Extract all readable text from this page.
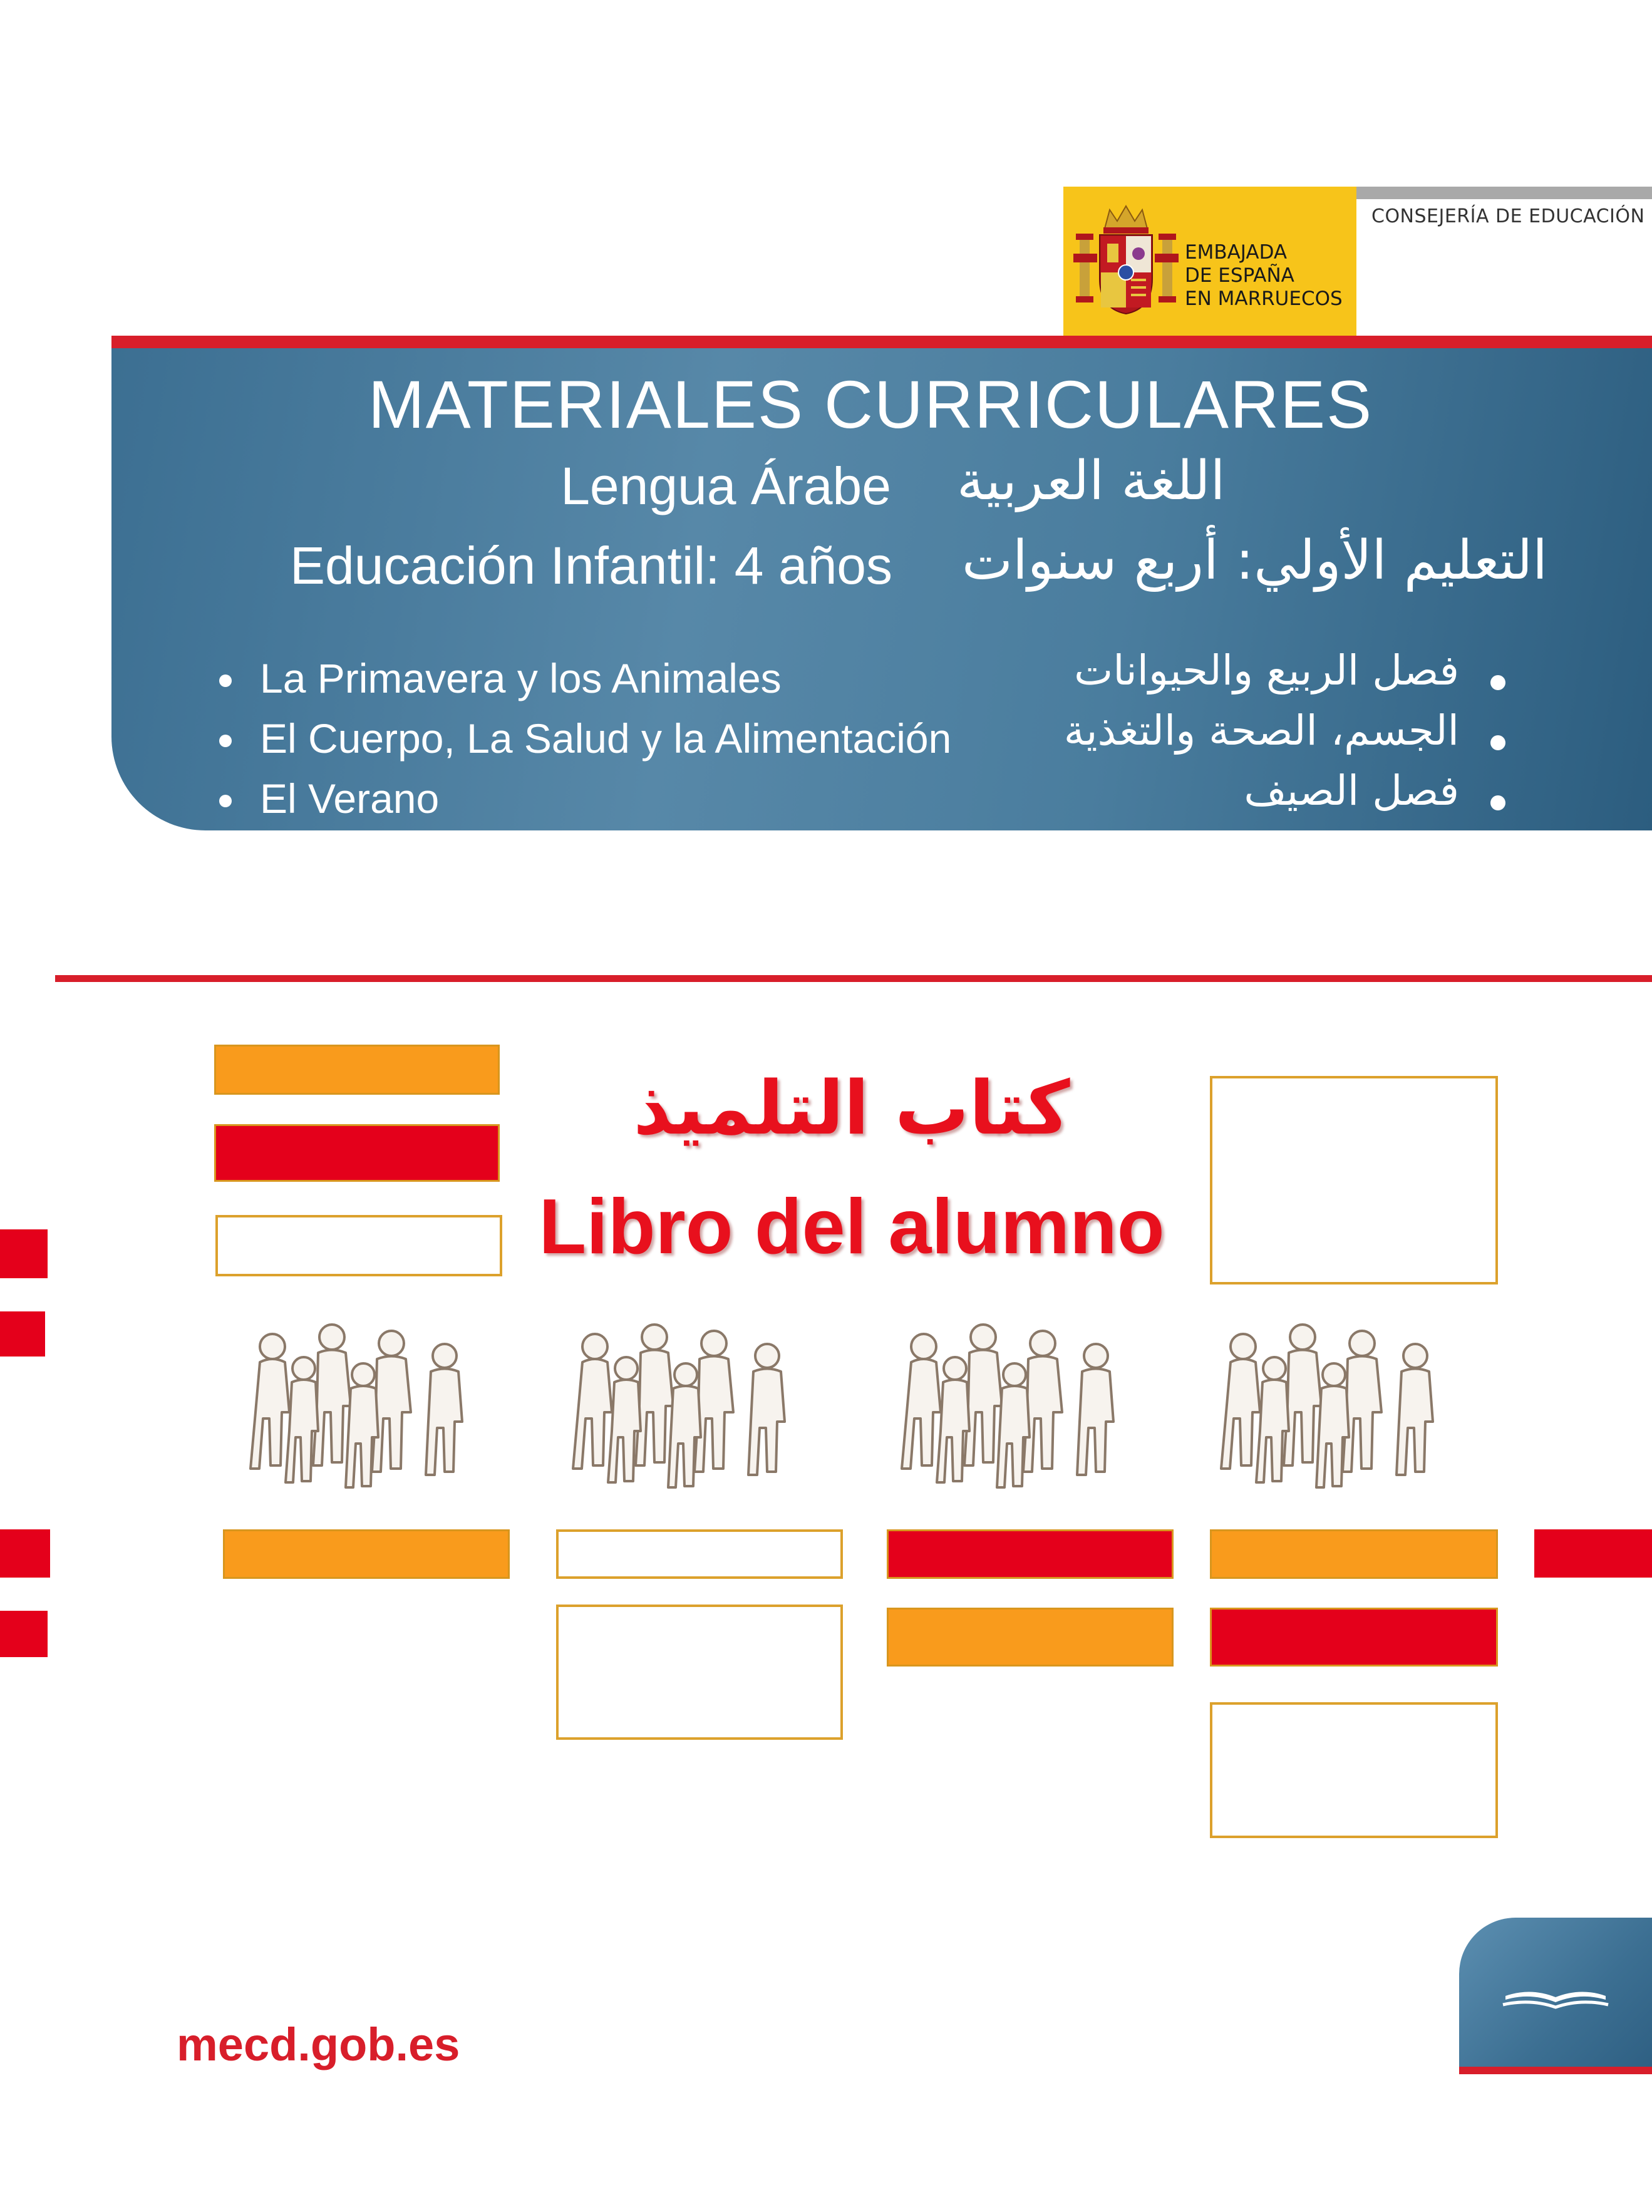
CONSEJERÍA DE EDUCACIÓN
EMBAJADA
DE ESPAÑA
EN MARRUECOS
MATERIALES CURRICULARES
Lengua Árabe اللغة العربية
Educación Infantil: 4 años التعليم الأولي: أربع سنوات
La Primavera y los Animales
El Cuerpo, La Salud y la Alimentación
El Verano
فصل الربيع والحيوانات
الجسم، الصحة والتغذية
فصل الصيف
كتاب التلميذ
Libro del alumno
mecd.gob.es
